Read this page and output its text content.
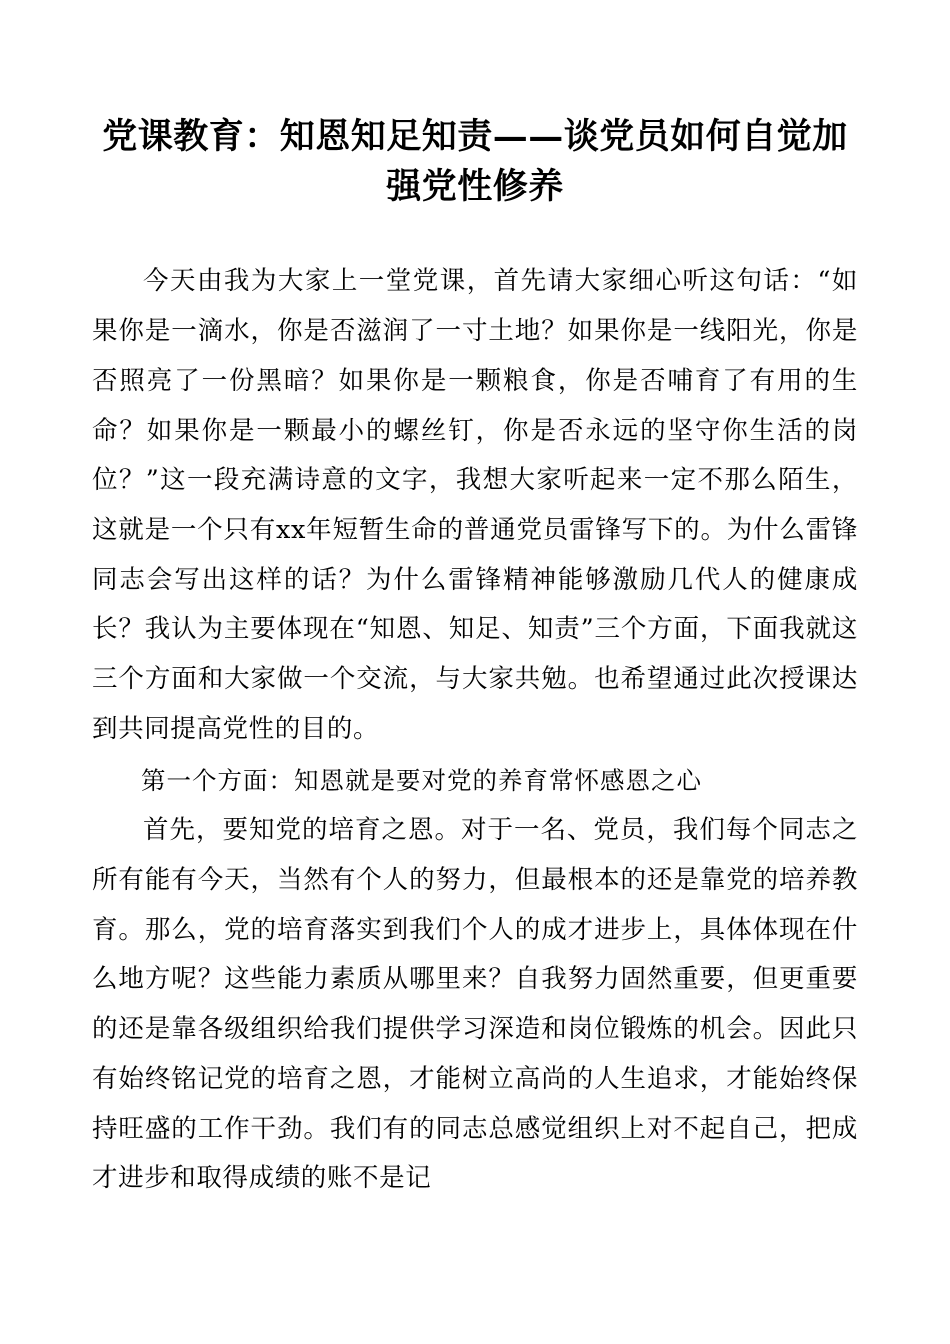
党课教育：知恩知足知责——谈党员如何自觉加强党性修养

今天由我为大家上一堂党课，首先请大家细心听这句话：“如果你是一滴水，你是否滋润了一寸土地？如果你是一线阳光，你是否照亮了一份黑暗？如果你是一颗粮食，你是否哺育了有用的生命？如果你是一颗最小的螺丝钉，你是否永远的坚守你生活的岗位？”这一段充满诗意的文字，我想大家听起来一定不那么陌生，这就是一个只有xx年短暂生命的普通党员雷锋写下的。为什么雷锋同志会写出这样的话？为什么雷锋精神能够激励几代人的健康成长？我认为主要体现在“知恩、知足、知责”三个方面，下面我就这三个方面和大家做一个交流，与大家共勉。也希望通过此次授课达到共同提高党性的目的。

第一个方面：知恩就是要对党的养育常怀感恩之心

首先，要知党的培育之恩。对于一名、党员，我们每个同志之所有能有今天，当然有个人的努力，但最根本的还是靠党的培养教育。那么，党的培育落实到我们个人的成才进步上，具体体现在什么地方呢？这些能力素质从哪里来？自我努力固然重要，但更重要的还是靠各级组织给我们提供学习深造和岗位锻炼的机会。因此只有始终铭记党的培育之恩，才能树立高尚的人生追求，才能始终保持旺盛的工作干劲。我们有的同志总感觉组织上对不起自己，把成才进步和取得成绩的账不是记
